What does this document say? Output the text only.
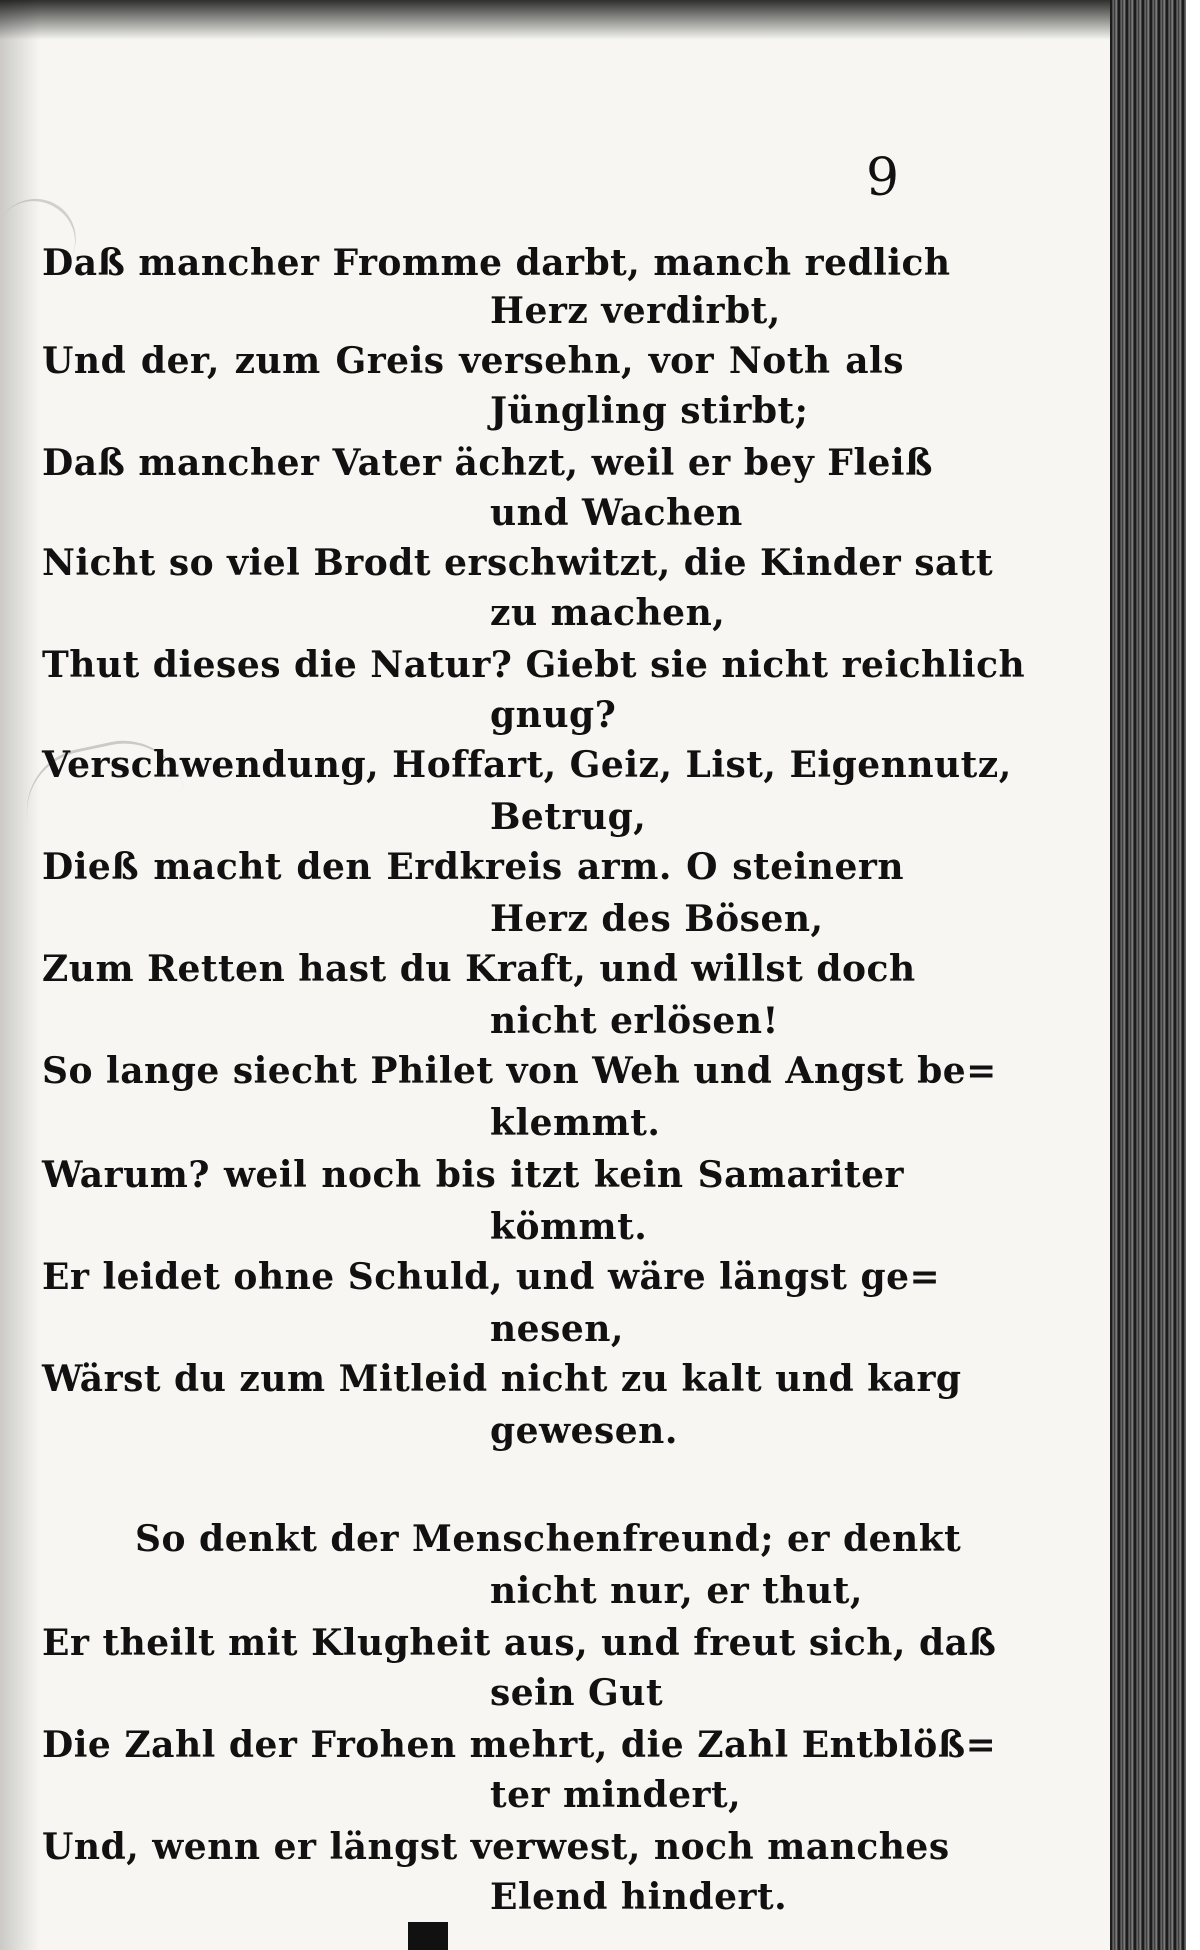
9
Daß mancher Fromme darbt, manch redlich
Herz verdirbt,
Und der, zum Greis versehn, vor Noth als
Jüngling stirbt;
Daß mancher Vater ächzt, weil er bey Fleiß
und Wachen
Nicht so viel Brodt erschwitzt, die Kinder satt
zu machen,
Thut dieses die Natur? Giebt sie nicht reichlich
gnug?
Verschwendung, Hoffart, Geiz, List, Eigennutz,
Betrug,
Dieß macht den Erdkreis arm. O steinern
Herz des Bösen,
Zum Retten hast du Kraft, und willst doch
nicht erlösen!
So lange siecht Philet von Weh und Angst be=
klemmt.
Warum? weil noch bis itzt kein Samariter
kömmt.
Er leidet ohne Schuld, und wäre längst ge=
nesen,
Wärst du zum Mitleid nicht zu kalt und karg
gewesen.
So denkt der Menschenfreund; er denkt
nicht nur, er thut,
Er theilt mit Klugheit aus, und freut sich, daß
sein Gut
Die Zahl der Frohen mehrt, die Zahl Entblöß=
ter mindert,
Und, wenn er längst verwest, noch manches
Elend hindert.
